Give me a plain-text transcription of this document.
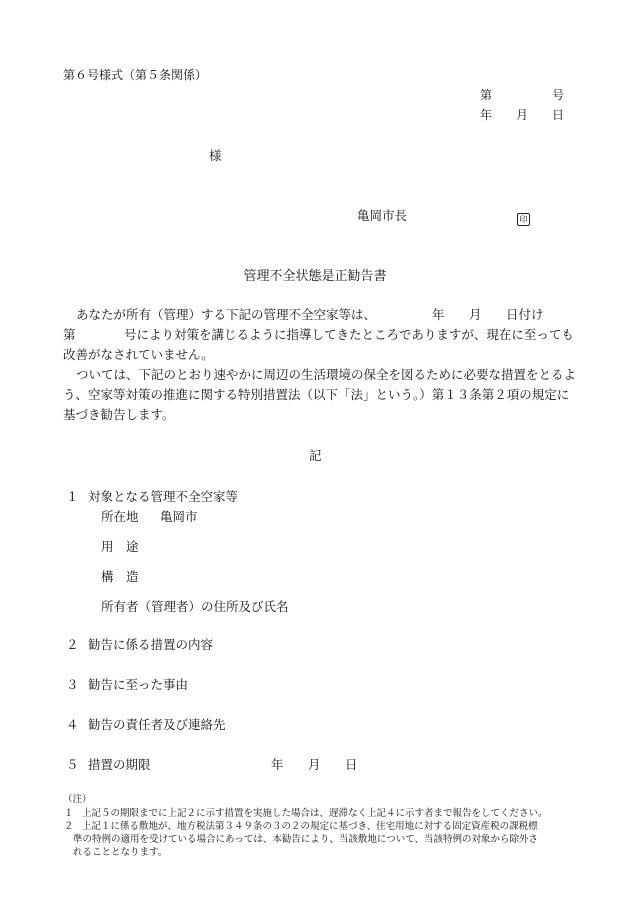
第６号様式（第５条関係）
第	号
年 月 日
様
亀岡市長	印
管理不全状態是正勧告書
あなたが所有（管理）する下記の管理不全空家等は、	年 月 日付け
第	号により対策を講じるように指導してきたところでありますが、現在に至っても
改善がなされていません。
ついては、下記のとおり速やかに周辺の生活環境の保全を図るために必要な措置をとるよ
う、空家等対策の推進に関する特別措置法（以下「法」という。）第１３条第２項の規定に
基づき勧告します。
記
１ 対象となる管理不全空家等
所在地 亀岡市
用　途
構　造
所有者（管理者）の住所及び氏名
２ 勧告に係る措置の内容
３ 勧告に至った事由
４ 勧告の責任者及び連絡先
５ 措置の期限	年 月 日
（注）
１ 上記５の期限までに上記２に示す措置を実施した場合は、遅滞なく上記４に示す者まで報告をしてください。
２ 上記１に係る敷地が、地方税法第３４９条の３の２の規定に基づき、住宅用地に対する固定資産税の課税標
準の特例の適用を受けている場合にあっては、本勧告により、当該敷地について、当該特例の対象から除外さ
れることとなります。
